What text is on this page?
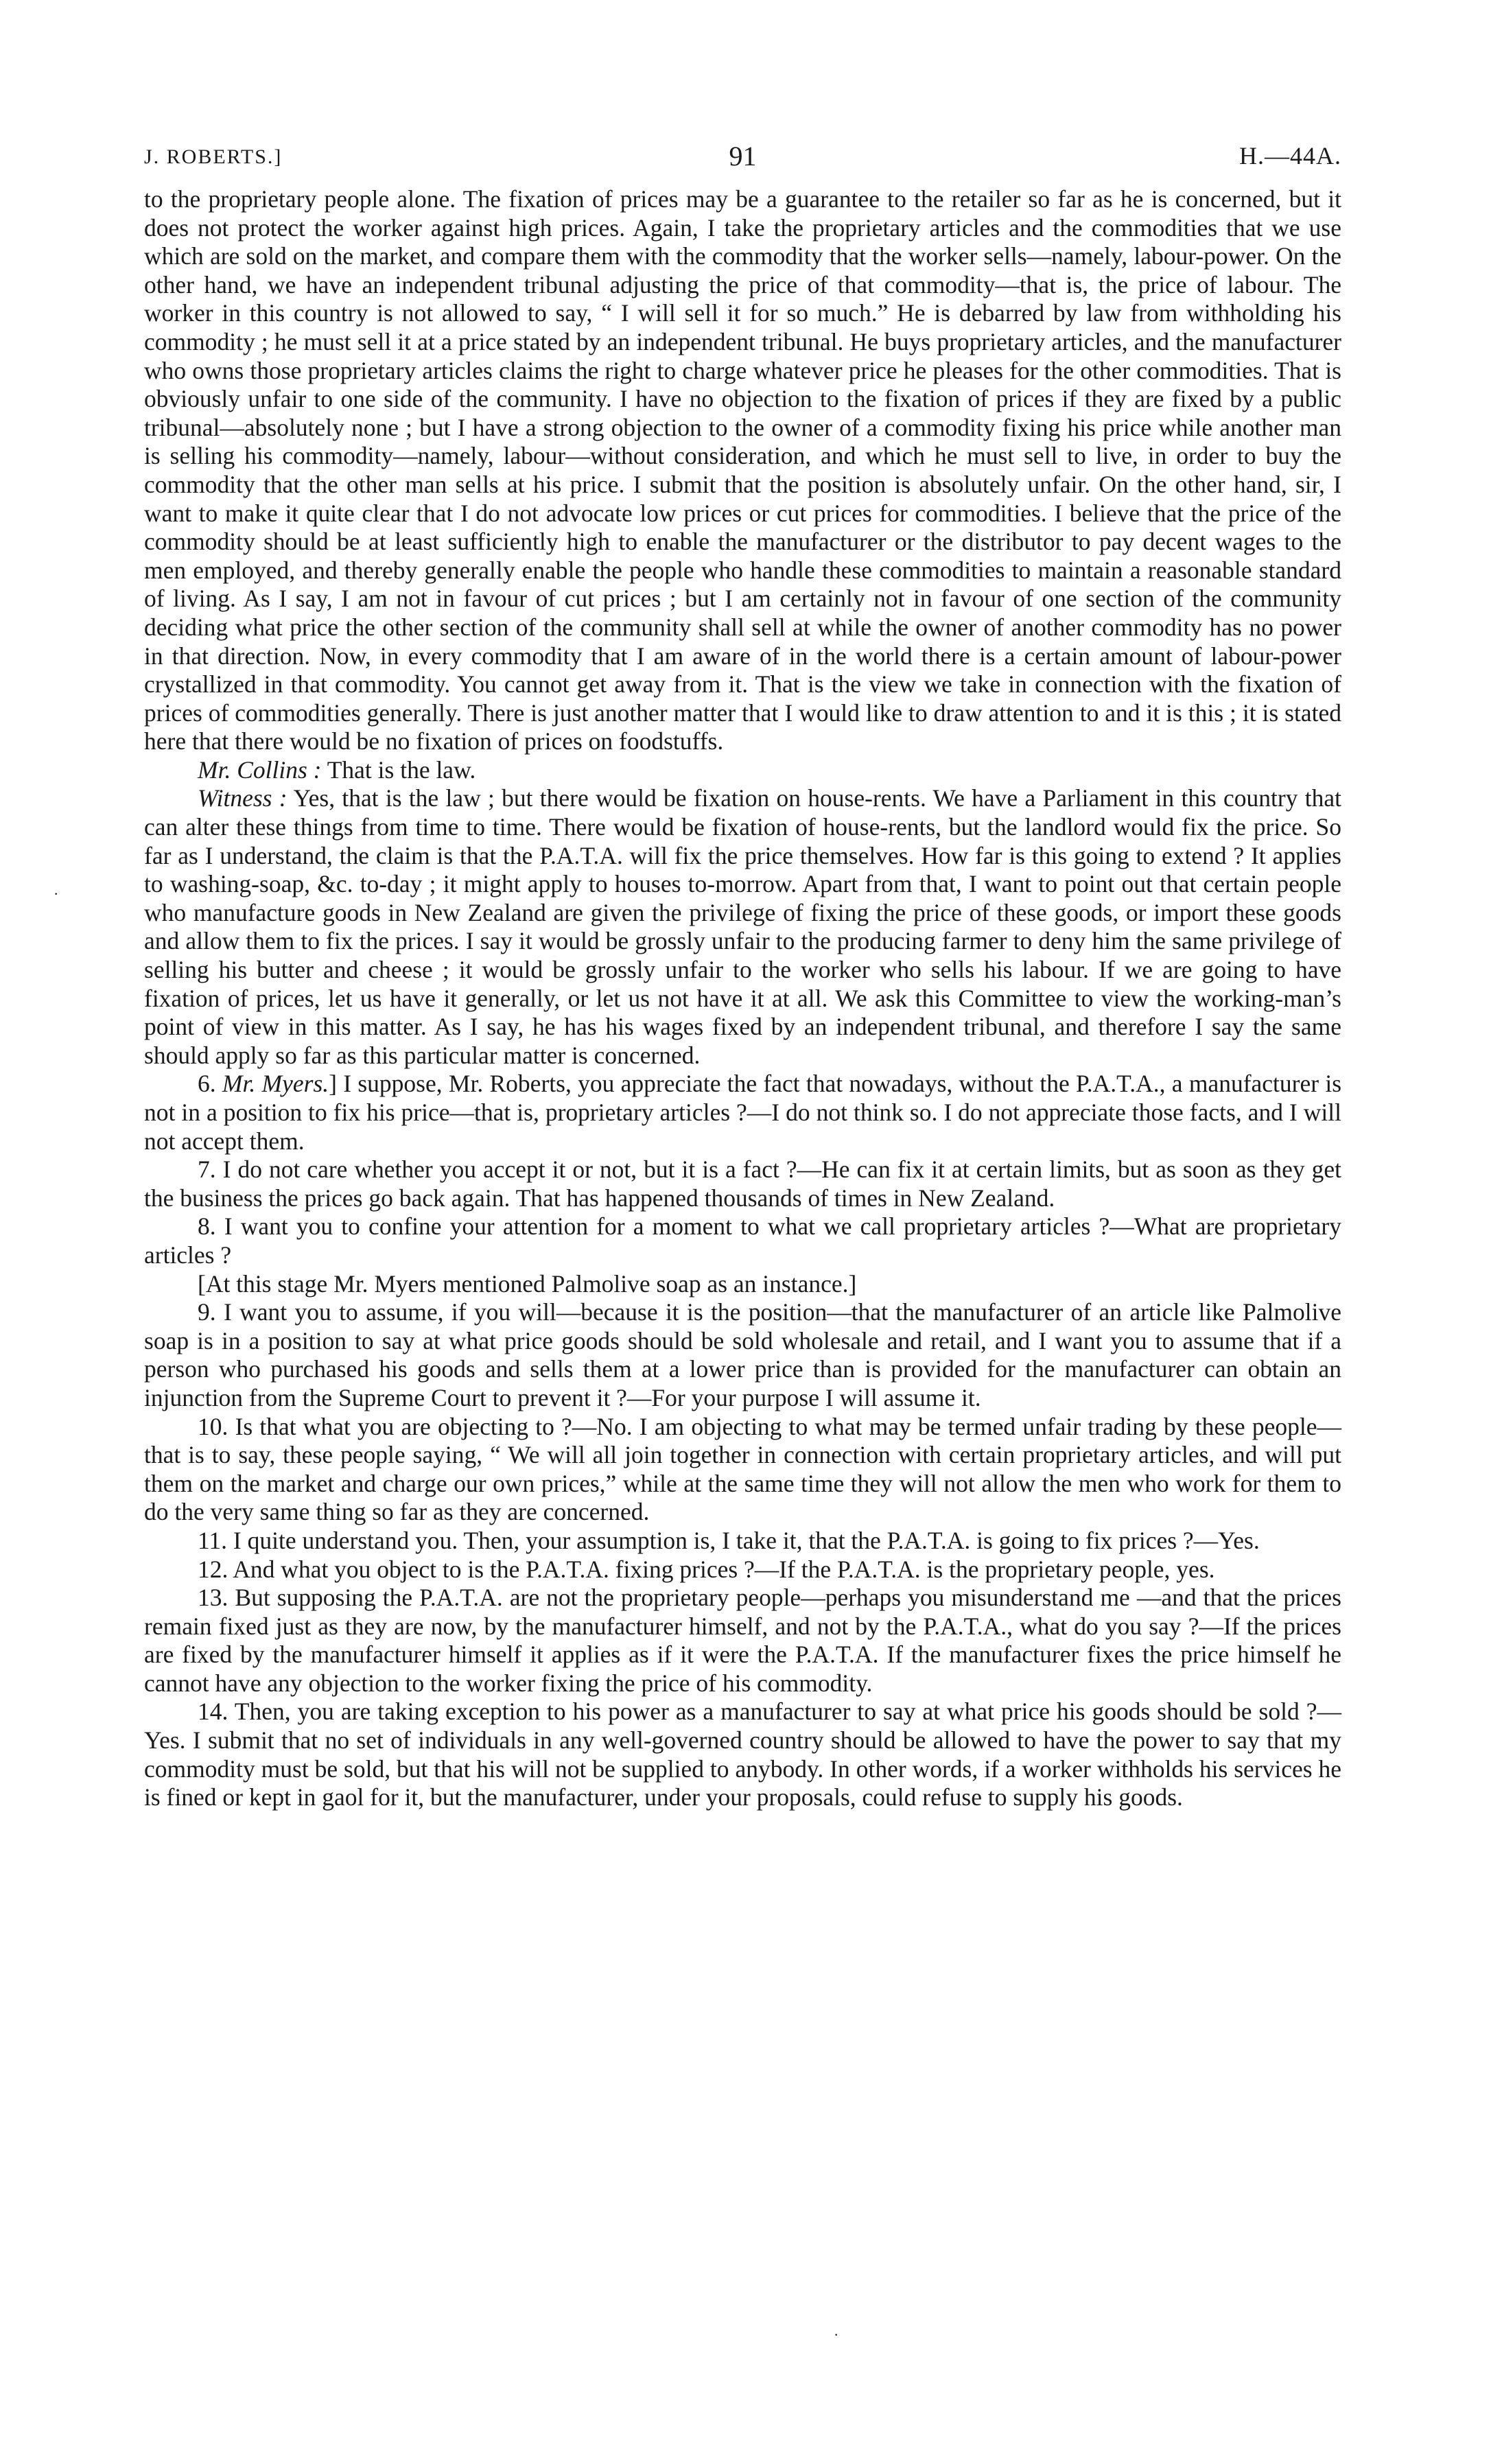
J. ROBERTS.]	91	H.—44A.

to the proprietary people alone. The fixation of prices may be a guarantee to the retailer so far as he is concerned, but it does not protect the worker against high prices. Again, I take the proprietary articles and the commodities that we use which are sold on the market, and compare them with the commodity that the worker sells—namely, labour-power. On the other hand, we have an independent tribunal adjusting the price of that commodity—that is, the price of labour. The worker in this country is not allowed to say, “ I will sell it for so much.” He is debarred by law from withholding his commodity ; he must sell it at a price stated by an independent tribunal. He buys proprietary articles, and the manufacturer who owns those proprietary articles claims the right to charge whatever price he pleases for the other commodities. That is obviously unfair to one side of the community. I have no objection to the fixation of prices if they are fixed by a public tribunal—absolutely none ; but I have a strong objection to the owner of a commodity fixing his price while another man is selling his commodity—namely, labour—without consideration, and which he must sell to live, in order to buy the commodity that the other man sells at his price. I submit that the position is absolutely unfair. On the other hand, sir, I want to make it quite clear that I do not advocate low prices or cut prices for commodities. I believe that the price of the commodity should be at least sufficiently high to enable the manufacturer or the distributor to pay decent wages to the men employed, and thereby generally enable the people who handle these commodities to maintain a reasonable standard of living. As I say, I am not in favour of cut prices ; but I am certainly not in favour of one section of the community deciding what price the other section of the community shall sell at while the owner of another commodity has no power in that direction. Now, in every commodity that I am aware of in the world there is a certain amount of labour-power crystallized in that commodity. You cannot get away from it. That is the view we take in connection with the fixation of prices of commodities generally. There is just another matter that I would like to draw attention to and it is this ; it is stated here that there would be no fixation of prices on foodstuffs.

Mr. Collins : That is the law.

Witness : Yes, that is the law ; but there would be fixation on house-rents. We have a Parliament in this country that can alter these things from time to time. There would be fixation of house-rents, but the landlord would fix the price. So far as I understand, the claim is that the P.A.T.A. will fix the price themselves. How far is this going to extend ? It applies to washing-soap, &c. to-day ; it might apply to houses to-morrow. Apart from that, I want to point out that certain people who manufacture goods in New Zealand are given the privilege of fixing the price of these goods, or import these goods and allow them to fix the prices. I say it would be grossly unfair to the producing farmer to deny him the same privilege of selling his butter and cheese ; it would be grossly unfair to the worker who sells his labour. If we are going to have fixation of prices, let us have it generally, or let us not have it at all. We ask this Committee to view the working-man’s point of view in this matter. As I say, he has his wages fixed by an independent tribunal, and therefore I say the same should apply so far as this particular matter is concerned.

6. Mr. Myers.] I suppose, Mr. Roberts, you appreciate the fact that nowadays, without the P.A.T.A., a manufacturer is not in a position to fix his price—that is, proprietary articles ?—I do not think so. I do not appreciate those facts, and I will not accept them.

7. I do not care whether you accept it or not, but it is a fact ?—He can fix it at certain limits, but as soon as they get the business the prices go back again. That has happened thousands of times in New Zealand.

8. I want you to confine your attention for a moment to what we call proprietary articles ?—What are proprietary articles ?

[At this stage Mr. Myers mentioned Palmolive soap as an instance.]

9. I want you to assume, if you will—because it is the position—that the manufacturer of an article like Palmolive soap is in a position to say at what price goods should be sold wholesale and retail, and I want you to assume that if a person who purchased his goods and sells them at a lower price than is provided for the manufacturer can obtain an injunction from the Supreme Court to prevent it ?—For your purpose I will assume it.

10. Is that what you are objecting to ?—No. I am objecting to what may be termed unfair trading by these people—that is to say, these people saying, “ We will all join together in connection with certain proprietary articles, and will put them on the market and charge our own prices,” while at the same time they will not allow the men who work for them to do the very same thing so far as they are concerned.

11. I quite understand you. Then, your assumption is, I take it, that the P.A.T.A. is going to fix prices ?—Yes.

12. And what you object to is the P.A.T.A. fixing prices ?—If the P.A.T.A. is the proprietary people, yes.

13. But supposing the P.A.T.A. are not the proprietary people—perhaps you misunderstand me —and that the prices remain fixed just as they are now, by the manufacturer himself, and not by the P.A.T.A., what do you say ?—If the prices are fixed by the manufacturer himself it applies as if it were the P.A.T.A. If the manufacturer fixes the price himself he cannot have any objection to the worker fixing the price of his commodity.

14. Then, you are taking exception to his power as a manufacturer to say at what price his goods should be sold ?—Yes. I submit that no set of individuals in any well-governed country should be allowed to have the power to say that my commodity must be sold, but that his will not be supplied to anybody. In other words, if a worker withholds his services he is fined or kept in gaol for it, but the manufacturer, under your proposals, could refuse to supply his goods.

·
·
